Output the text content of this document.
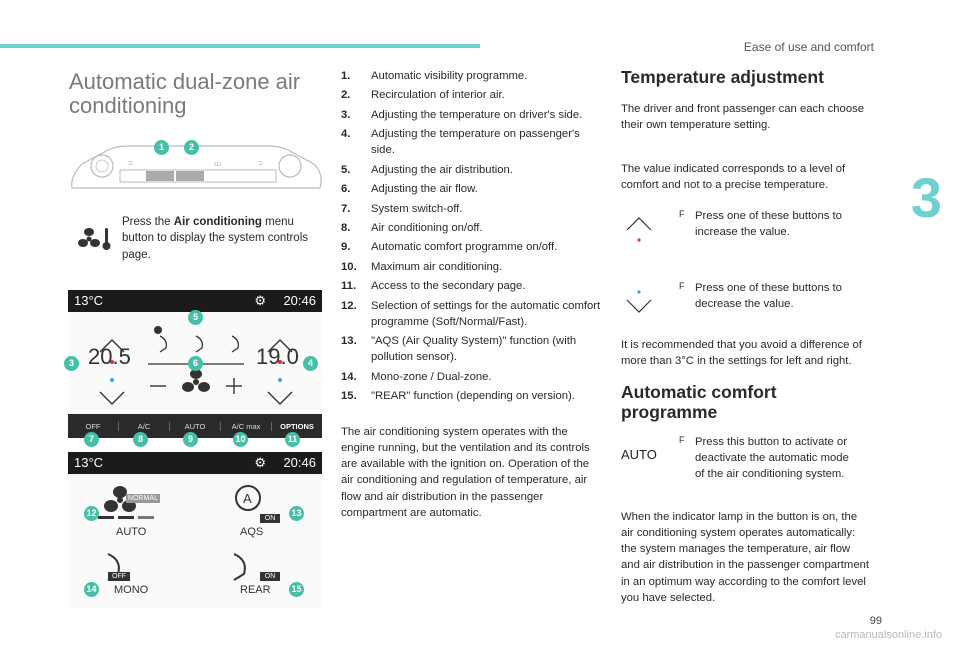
Ease of use and comfort
3
Automatic dual-zone air conditioning
⌗	⌗
ꟺ
1	2
Press the Air conditioning menu button to display the system controls page.
13°C	⚙ 20:46
20.5	19.0
OFF	A/C	AUTO	A/C max	OPTIONS
3	4
5
6
7	8	9	10	11
13°C	⚙ 20:46
A
NORMAL
ON
AUTO	AQS
OFF	ON
MONO	REAR
12	13
14	15
1. Automatic visibility programme.
2. Recirculation of interior air.
3. Adjusting the temperature on driver's side.
4. Adjusting the temperature on passenger's side.
5. Adjusting the air distribution.
6. Adjusting the air flow.
7. System switch-off.
8. Air conditioning on/off.
9. Automatic comfort programme on/off.
10. Maximum air conditioning.
11. Access to the secondary page.
12. Selection of settings for the automatic comfort programme (Soft/Normal/Fast).
13. "AQS (Air Quality System)" function (with pollution sensor).
14. Mono-zone / Dual-zone.
15. "REAR" function (depending on version).

The air conditioning system operates with the engine running, but the ventilation and its controls are available with the ignition on. Operation of the air conditioning and regulation of temperature, air flow and air distribution in the passenger compartment are automatic.

Temperature adjustment

The driver and front passenger can each choose their own temperature setting.

The value indicated corresponds to a level of comfort and not to a precise temperature.

F Press one of these buttons to increase the value.
F Press one of these buttons to decrease the value.

It is recommended that you avoid a difference of more than 3°C in the settings for left and right.

Automatic comfort programme
AUTO
F Press this button to activate or deactivate the automatic mode of the air conditioning system.

When the indicator lamp in the button is on, the air conditioning system operates automatically: the system manages the temperature, air flow and air distribution in the passenger compartment in an optimum way according to the comfort level you have selected.

99
carmanualsonline.info
